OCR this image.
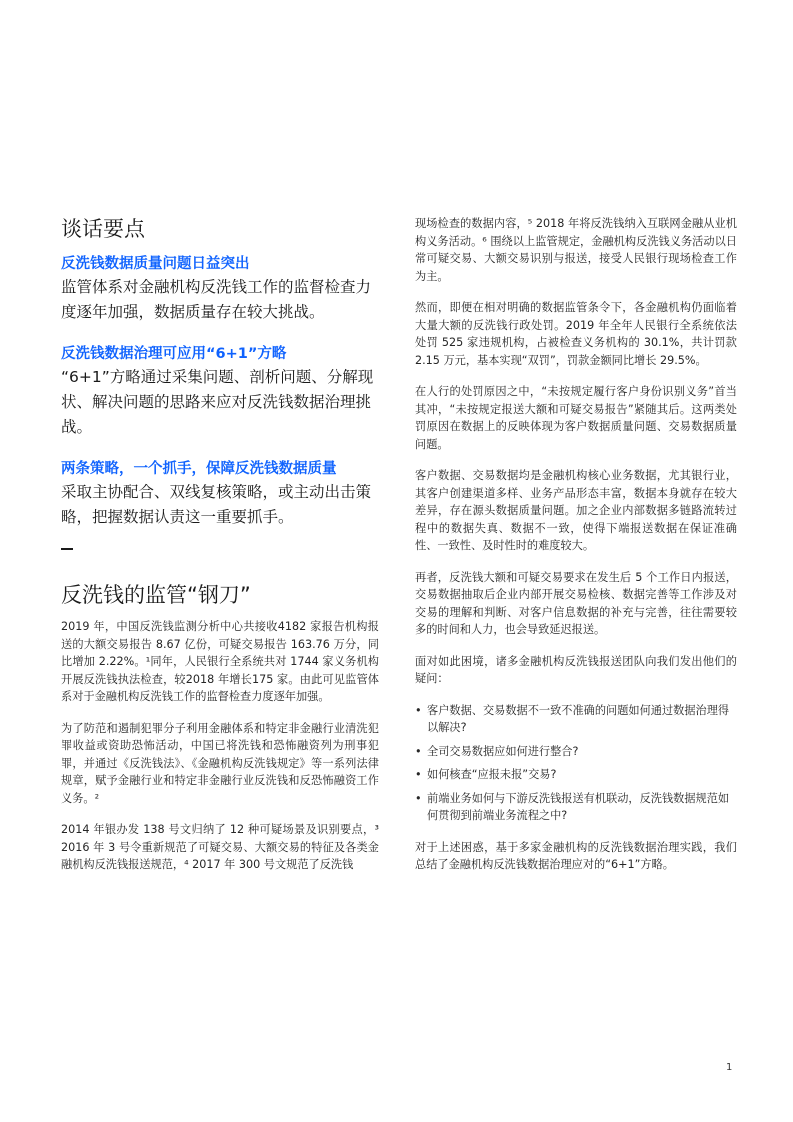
谈话要点

反洗钱数据质量问题日益突出

监管体系对金融机构反洗钱工作的监督检查力度逐年加强，数据质量存在较大挑战。

反洗钱数据治理可应用“6+1”方略

“6+1”方略通过采集问题、剖析问题、分解现状、解决问题的思路来应对反洗钱数据治理挑战。

两条策略，一个抓手，保障反洗钱数据质量

采取主协配合、双线复核策略，或主动出击策略，把握数据认责这一重要抓手。

反洗钱的监管“钢刀”

2019 年，中国反洗钱监测分析中心共接收4182 家报告机构报送的大额交易报告 8.67 亿份，可疑交易报告 163.76 万分，同比增加 2.22%。¹同年，人民银行全系统共对 1744 家义务机构开展反洗钱执法检查，较2018 年增长175 家。由此可见监管体系对于金融机构反洗钱工作的监督检查力度逐年加强。

为了防范和遏制犯罪分子利用金融体系和特定非金融行业清洗犯罪收益或资助恐怖活动，中国已将洗钱和恐怖融资列为刑事犯罪，并通过《反洗钱法》、《金融机构反洗钱规定》等一系列法律规章，赋予金融行业和特定非金融行业反洗钱和反恐怖融资工作义务。²

2014 年银办发 138 号文归纳了 12 种可疑场景及识别要点，³ 2016 年 3 号令重新规范了可疑交易、大额交易的特征及各类金融机构反洗钱报送规范，⁴ 2017 年 300 号文规范了反洗钱

现场检查的数据内容，⁵ 2018 年将反洗钱纳入互联网金融从业机构义务活动。⁶ 围绕以上监管规定，金融机构反洗钱义务活动以日常可疑交易、大额交易识别与报送，接受人民银行现场检查工作为主。

然而，即便在相对明确的数据监管条令下，各金融机构仍面临着大量大额的反洗钱行政处罚。2019 年全年人民银行全系统依法处罚 525 家违规机构，占被检查义务机构的 30.1%，共计罚款2.15 万元，基本实现“双罚”，罚款金额同比增长 29.5%。

在人行的处罚原因之中，“未按规定履行客户身份识别义务”首当其冲，“未按规定报送大额和可疑交易报告”紧随其后。这两类处罚原因在数据上的反映体现为客户数据质量问题、交易数据质量问题。

客户数据、交易数据均是金融机构核心业务数据，尤其银行业，其客户创建渠道多样、业务产品形态丰富，数据本身就存在较大差异，存在源头数据质量问题。加之企业内部数据多链路流转过程中的数据失真、数据不一致，使得下端报送数据在保证准确性、一致性、及时性时的难度较大。

再者，反洗钱大额和可疑交易要求在发生后 5 个工作日内报送，交易数据抽取后企业内部开展交易检核、数据完善等工作涉及对交易的理解和判断、对客户信息数据的补充与完善，往往需要较多的时间和人力，也会导致延迟报送。

面对如此困境，诸多金融机构反洗钱报送团队向我们发出他们的疑问：

• 客户数据、交易数据不一致不准确的问题如何通过数据治理得以解决?
• 全司交易数据应如何进行整合?
• 如何核查“应报未报”交易?
• 前端业务如何与下游反洗钱报送有机联动，反洗钱数据规范如何贯彻到前端业务流程之中?

对于上述困惑，基于多家金融机构的反洗钱数据治理实践，我们总结了金融机构反洗钱数据治理应对的“6+1”方略。

1
